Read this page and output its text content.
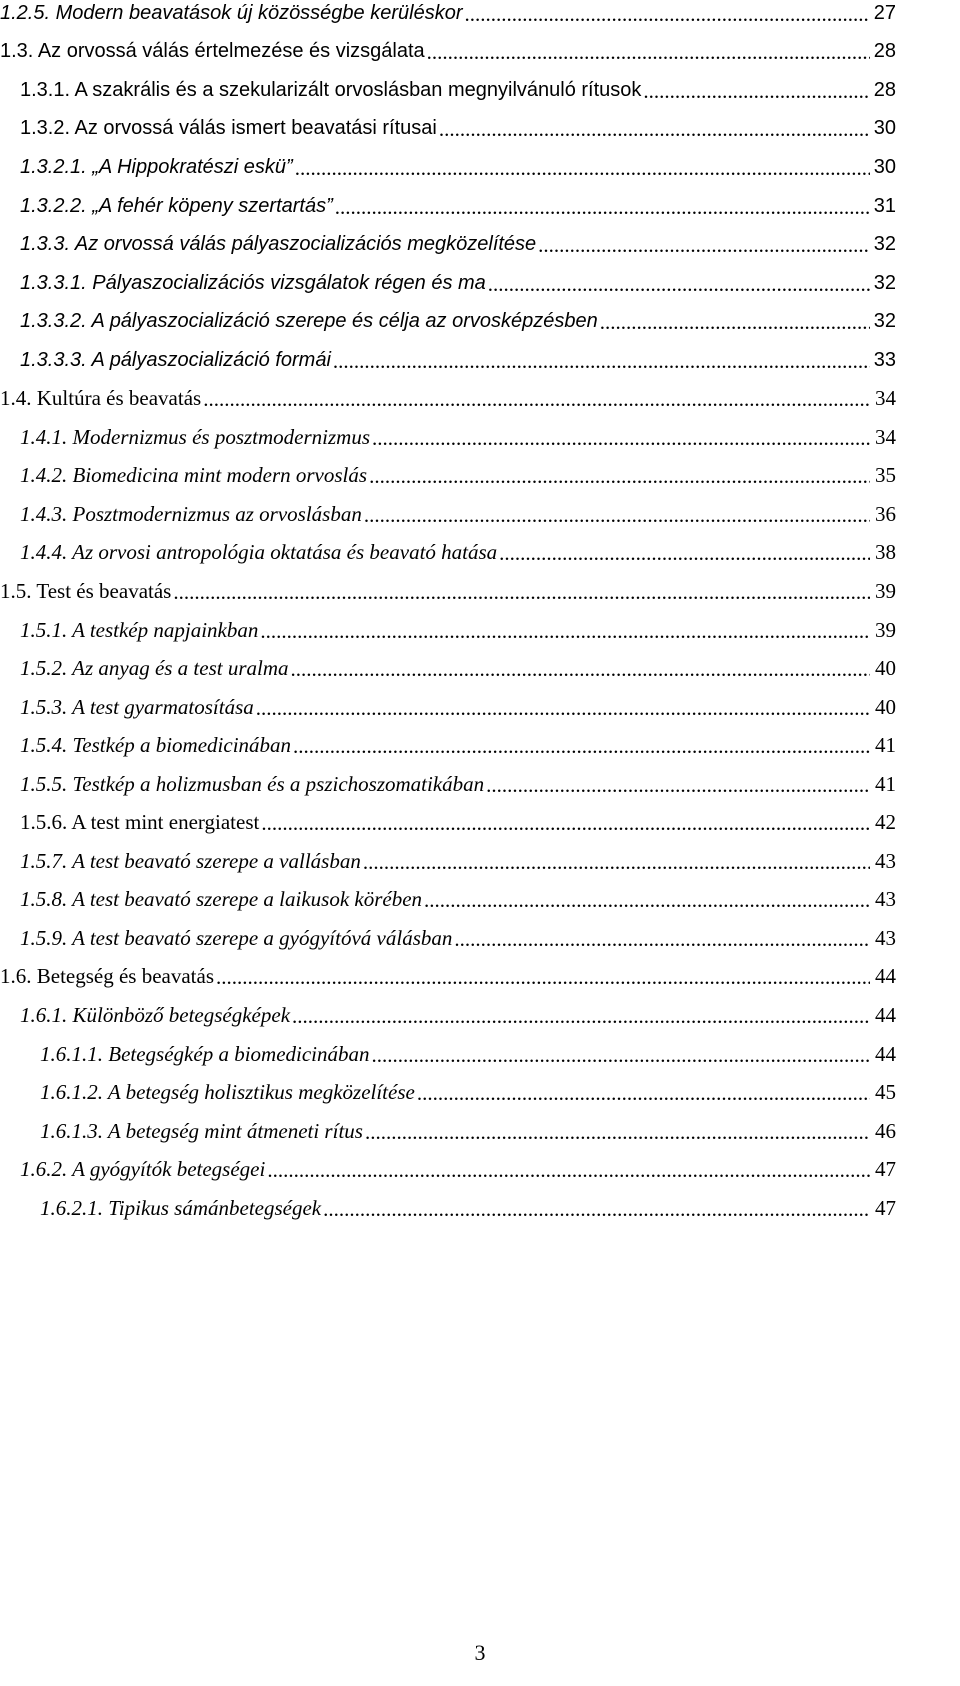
1.2.5. Modern beavatások új közösségbe kerüléskor .....	27
1.3. Az orvossá válás értelmezése és vizsgálata .....	28
1.3.1. A szakrális és a szekularizált orvoslásban megnyilvánuló rítusok .....	28
1.3.2. Az orvossá válás ismert beavatási rítusai .....	30
1.3.2.1. „A Hippokratészi eskü” .....	30
1.3.2.2. „A fehér köpeny szertartás” .....	31
1.3.3. Az orvossá válás pályaszocializációs megközelítése .....	32
1.3.3.1. Pályaszocializációs vizsgálatok régen és ma .....	32
1.3.3.2. A pályaszocializáció szerepe és célja az orvosképzésben .....	32
1.3.3.3. A pályaszocializáció formái .....	33
1.4. Kultúra és beavatás .....	34
1.4.1. Modernizmus és posztmodernizmus .....	34
1.4.2. Biomedicina mint modern orvoslás .....	35
1.4.3. Posztmodernizmus az orvoslásban .....	36
1.4.4. Az orvosi antropológia oktatása és beavató hatása .....	38
1.5. Test és beavatás .....	39
1.5.1. A testkép napjainkban .....	39
1.5.2. Az anyag és a test uralma .....	40
1.5.3. A test gyarmatosítása .....	40
1.5.4. Testkép a biomedicinában .....	41
1.5.5. Testkép a holizmusban és a pszichoszomatikában .....	41
1.5.6. A test mint energiatest .....	42
1.5.7. A test beavató szerepe a vallásban .....	43
1.5.8. A test beavató szerepe a laikusok körében .....	43
1.5.9. A test beavató szerepe a gyógyítóvá válásban .....	43
1.6. Betegség és beavatás .....	44
1.6.1. Különböző betegségképek .....	44
1.6.1.1. Betegségkép a biomedicinában .....	44
1.6.1.2. A betegség holisztikus megközelítése .....	45
1.6.1.3. A betegség mint átmeneti rítus .....	46
1.6.2. A gyógyítók betegségei .....	47
1.6.2.1. Tipikus sámánbetegségek .....	47
3
